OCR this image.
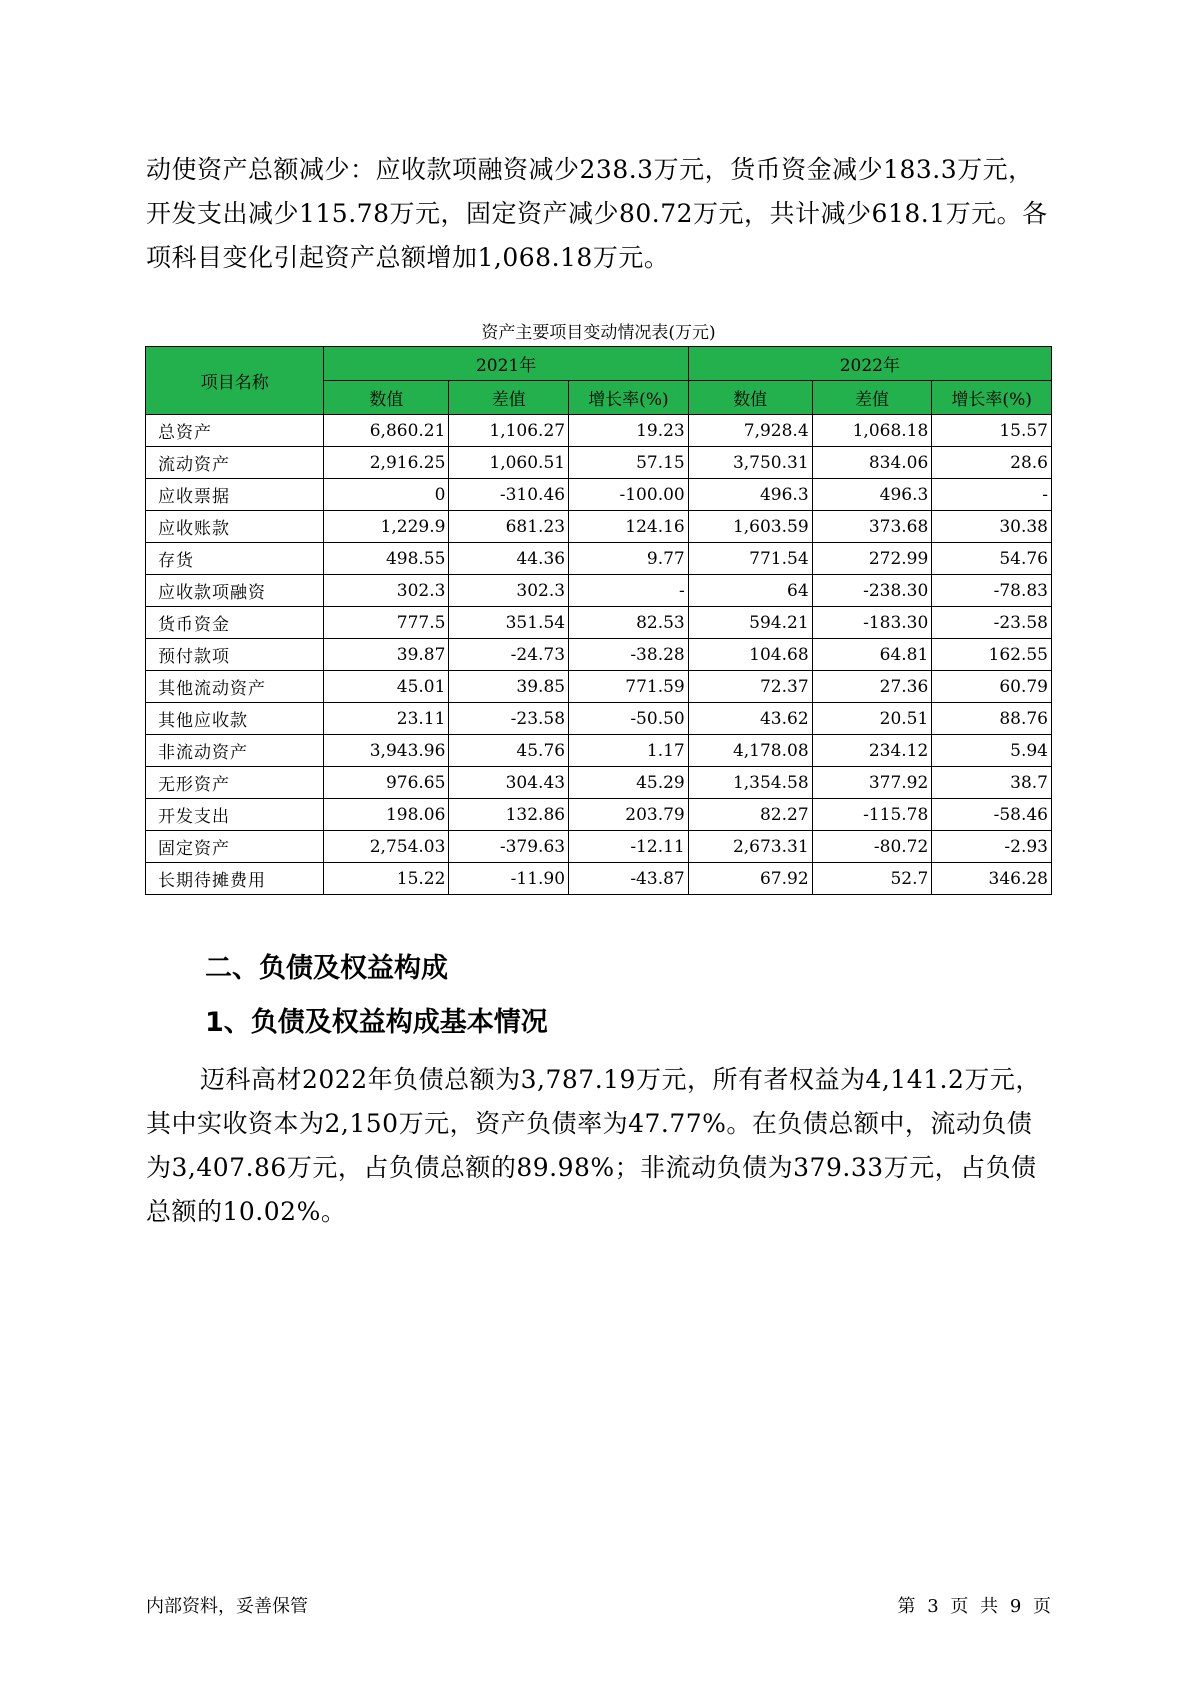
动使资产总额减少：应收款项融资减少238.3万元，货币资金减少183.3万元，开发支出减少115.78万元，固定资产减少80.72万元，共计减少618.1万元。各项科目变化引起资产总额增加1,068.18万元。

资产主要项目变动情况表(万元)

项目名称	2021年			2022年		
	数值	差值	增长率(%)	数值	差值	增长率(%)
总资产	6,860.21	1,106.27	19.23	7,928.4	1,068.18	15.57
流动资产	2,916.25	1,060.51	57.15	3,750.31	834.06	28.6
应收票据	0	-310.46	-100.00	496.3	496.3	-
应收账款	1,229.9	681.23	124.16	1,603.59	373.68	30.38
存货	498.55	44.36	9.77	771.54	272.99	54.76
应收款项融资	302.3	302.3	-	64	-238.30	-78.83
货币资金	777.5	351.54	82.53	594.21	-183.30	-23.58
预付款项	39.87	-24.73	-38.28	104.68	64.81	162.55
其他流动资产	45.01	39.85	771.59	72.37	27.36	60.79
其他应收款	23.11	-23.58	-50.50	43.62	20.51	88.76
非流动资产	3,943.96	45.76	1.17	4,178.08	234.12	5.94
无形资产	976.65	304.43	45.29	1,354.58	377.92	38.7
开发支出	198.06	132.86	203.79	82.27	-115.78	-58.46
固定资产	2,754.03	-379.63	-12.11	2,673.31	-80.72	-2.93
长期待摊费用	15.22	-11.90	-43.87	67.92	52.7	346.28
二、负债及权益构成
1、负债及权益构成基本情况

迈科高材2022年负债总额为3,787.19万元，所有者权益为4,141.2万元，其中实收资本为2,150万元，资产负债率为47.77%。在负债总额中，流动负债为3,407.86万元，占负债总额的89.98%；非流动负债为379.33万元，占负债总额的10.02%。

内部资料，妥善保管	第 3 页 共 9 页
